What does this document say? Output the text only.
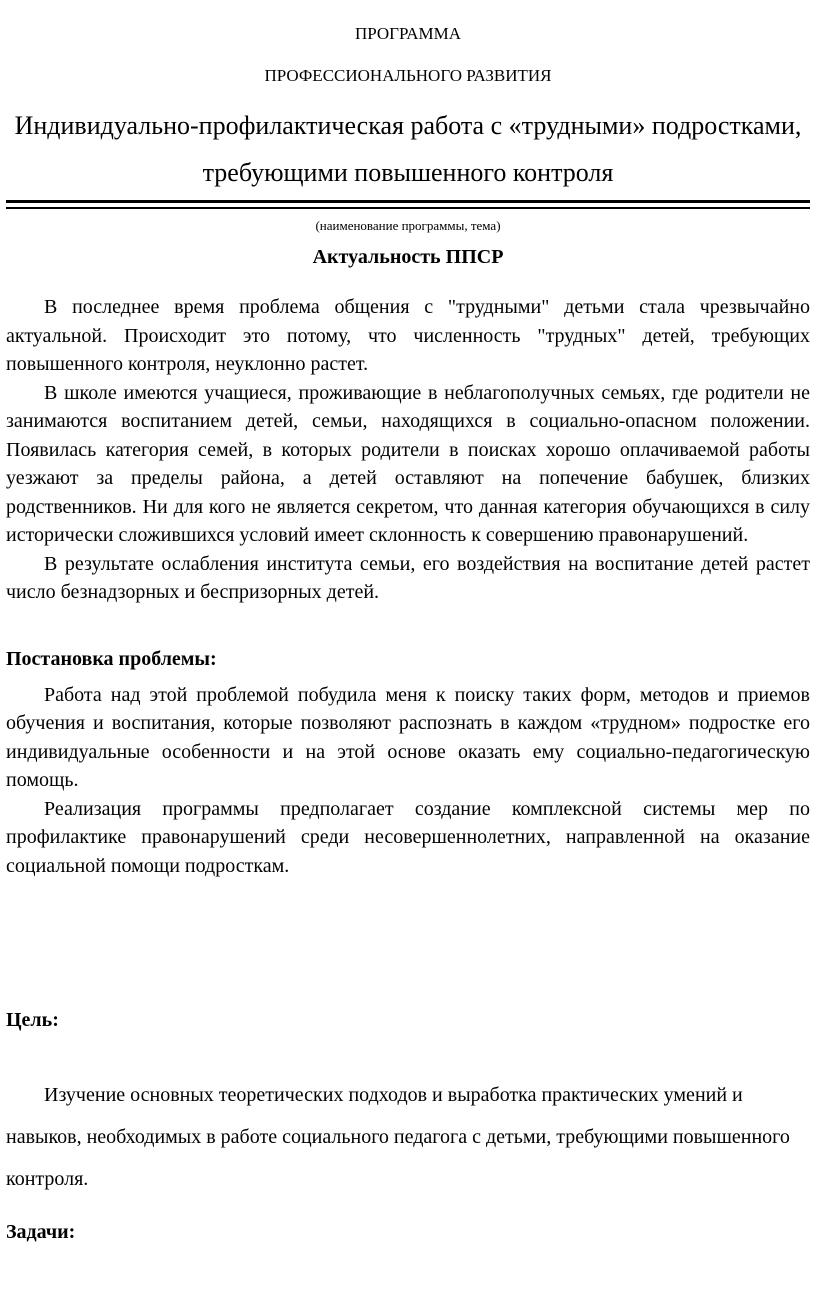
ПРОГРАММА
ПРОФЕССИОНАЛЬНОГО РАЗВИТИЯ
Индивидуально-профилактическая работа с «трудными» подростками, требующими повышенного контроля
(наименование программы, тема)
Актуальность ППСР

В последнее время проблема общения с "трудными" детьми стала чрезвычайно актуальной. Происходит это потому, что численность "трудных" детей, требующих повышенного контроля, неуклонно растет.

В школе имеются учащиеся, проживающие в неблагополучных семьях, где родители не занимаются воспитанием детей, семьи, находящихся в социально-опасном положении. Появилась категория семей, в которых родители в поисках хорошо оплачиваемой работы уезжают за пределы района, а детей оставляют на попечение бабушек, близких родственников. Ни для кого не является секретом, что данная категория обучающихся в силу исторически сложившихся условий имеет склонность к совершению правонарушений.

В результате ослабления института семьи, его воздействия на воспитание детей растет число безнадзорных и беспризорных детей.

Постановка проблемы:

Работа над этой проблемой побудила меня к поиску таких форм, методов и приемов обучения и воспитания, которые позволяют распознать в каждом «трудном» подростке его индивидуальные особенности и на этой основе оказать ему социально-педагогическую помощь.

Реализация программы предполагает создание комплексной системы мер по профилактике правонарушений среди несовершеннолетних, направленной на оказание социальной помощи подросткам.

Цель:

Изучение основных теоретических подходов и выработка практических умений и навыков, необходимых в работе социального педагога с детьми, требующими повышенного контроля.

Задачи:
